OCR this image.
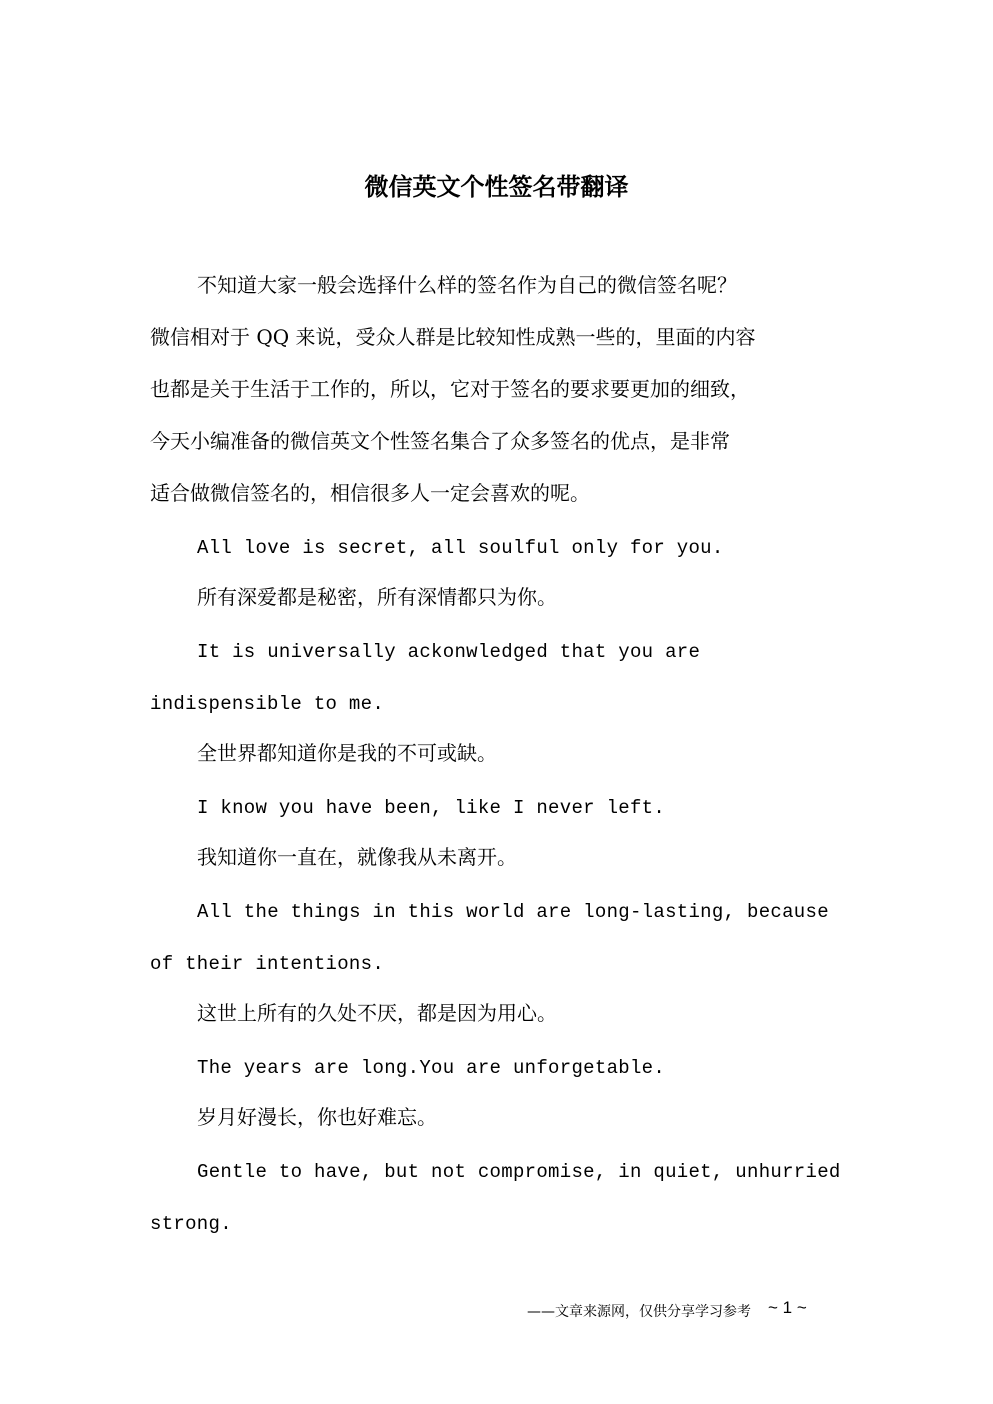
微信英文个性签名带翻译
不知道大家一般会选择什么样的签名作为自己的微信签名呢？
微信相对于 QQ 来说，受众人群是比较知性成熟一些的，里面的内容
也都是关于生活于工作的，所以，它对于签名的要求要更加的细致，
今天小编准备的微信英文个性签名集合了众多签名的优点，是非常
适合做微信签名的，相信很多人一定会喜欢的呢。
All love is secret, all soulful only for you.
所有深爱都是秘密，所有深情都只为你。
It is universally ackonwledged that you are
indispensible to me.
全世界都知道你是我的不可或缺。
I know you have been, like I never left.
我知道你一直在，就像我从未离开。
All the things in this world are long-lasting, because
of their intentions.
这世上所有的久处不厌，都是因为用心。
The years are long.You are unforgetable.
岁月好漫长，你也好难忘。
Gentle to have, but not compromise, in quiet, unhurried
strong.
——文章来源网，仅供分享学习参考 ~ 1 ~
